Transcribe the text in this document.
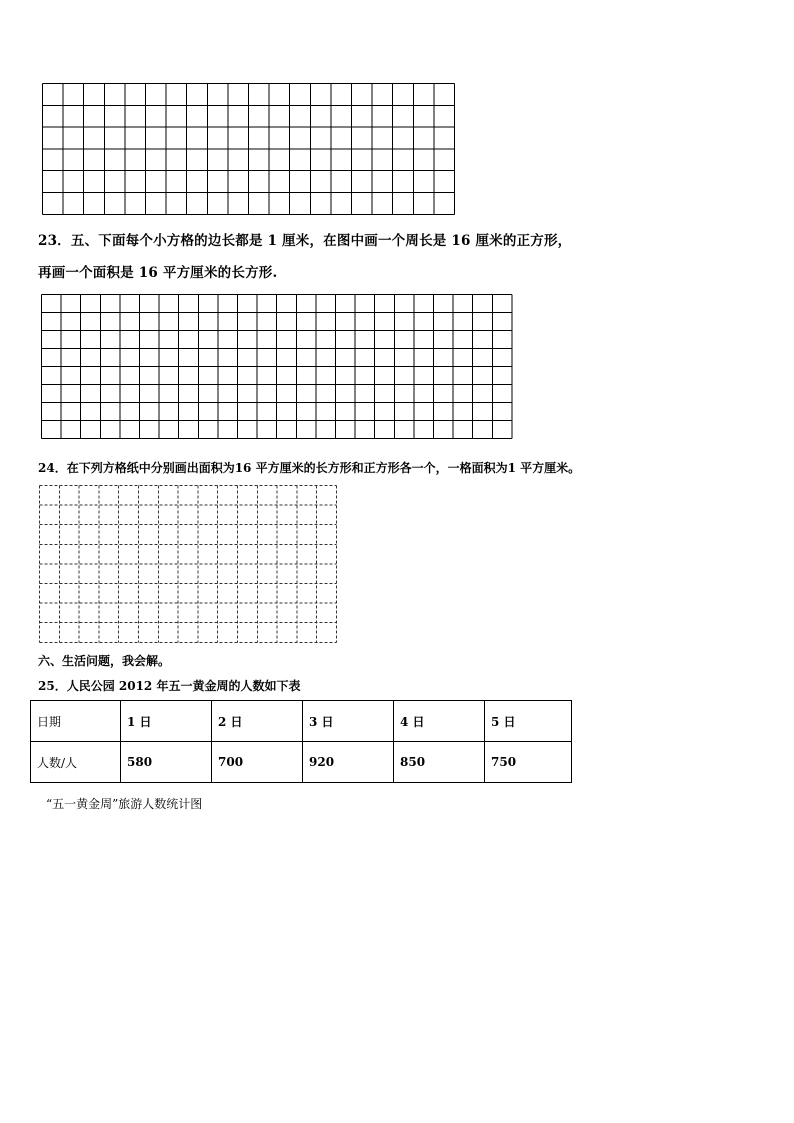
23．五、下面每个小方格的边长都是 1 厘米，在图中画一个周长是 16 厘米的正方形，
再画一个面积是 16 平方厘米的长方形.
24．在下列方格纸中分别画出面积为16 平方厘米的长方形和正方形各一个，一格面积为1 平方厘米。
六、生活问题，我会解。
25．人民公园 2012 年五一黄金周的人数如下表
日期	1 日	2 日	3 日	4 日	5 日
人数/人	580	700	920	850	750
“五一黄金周”旅游人数统计图
